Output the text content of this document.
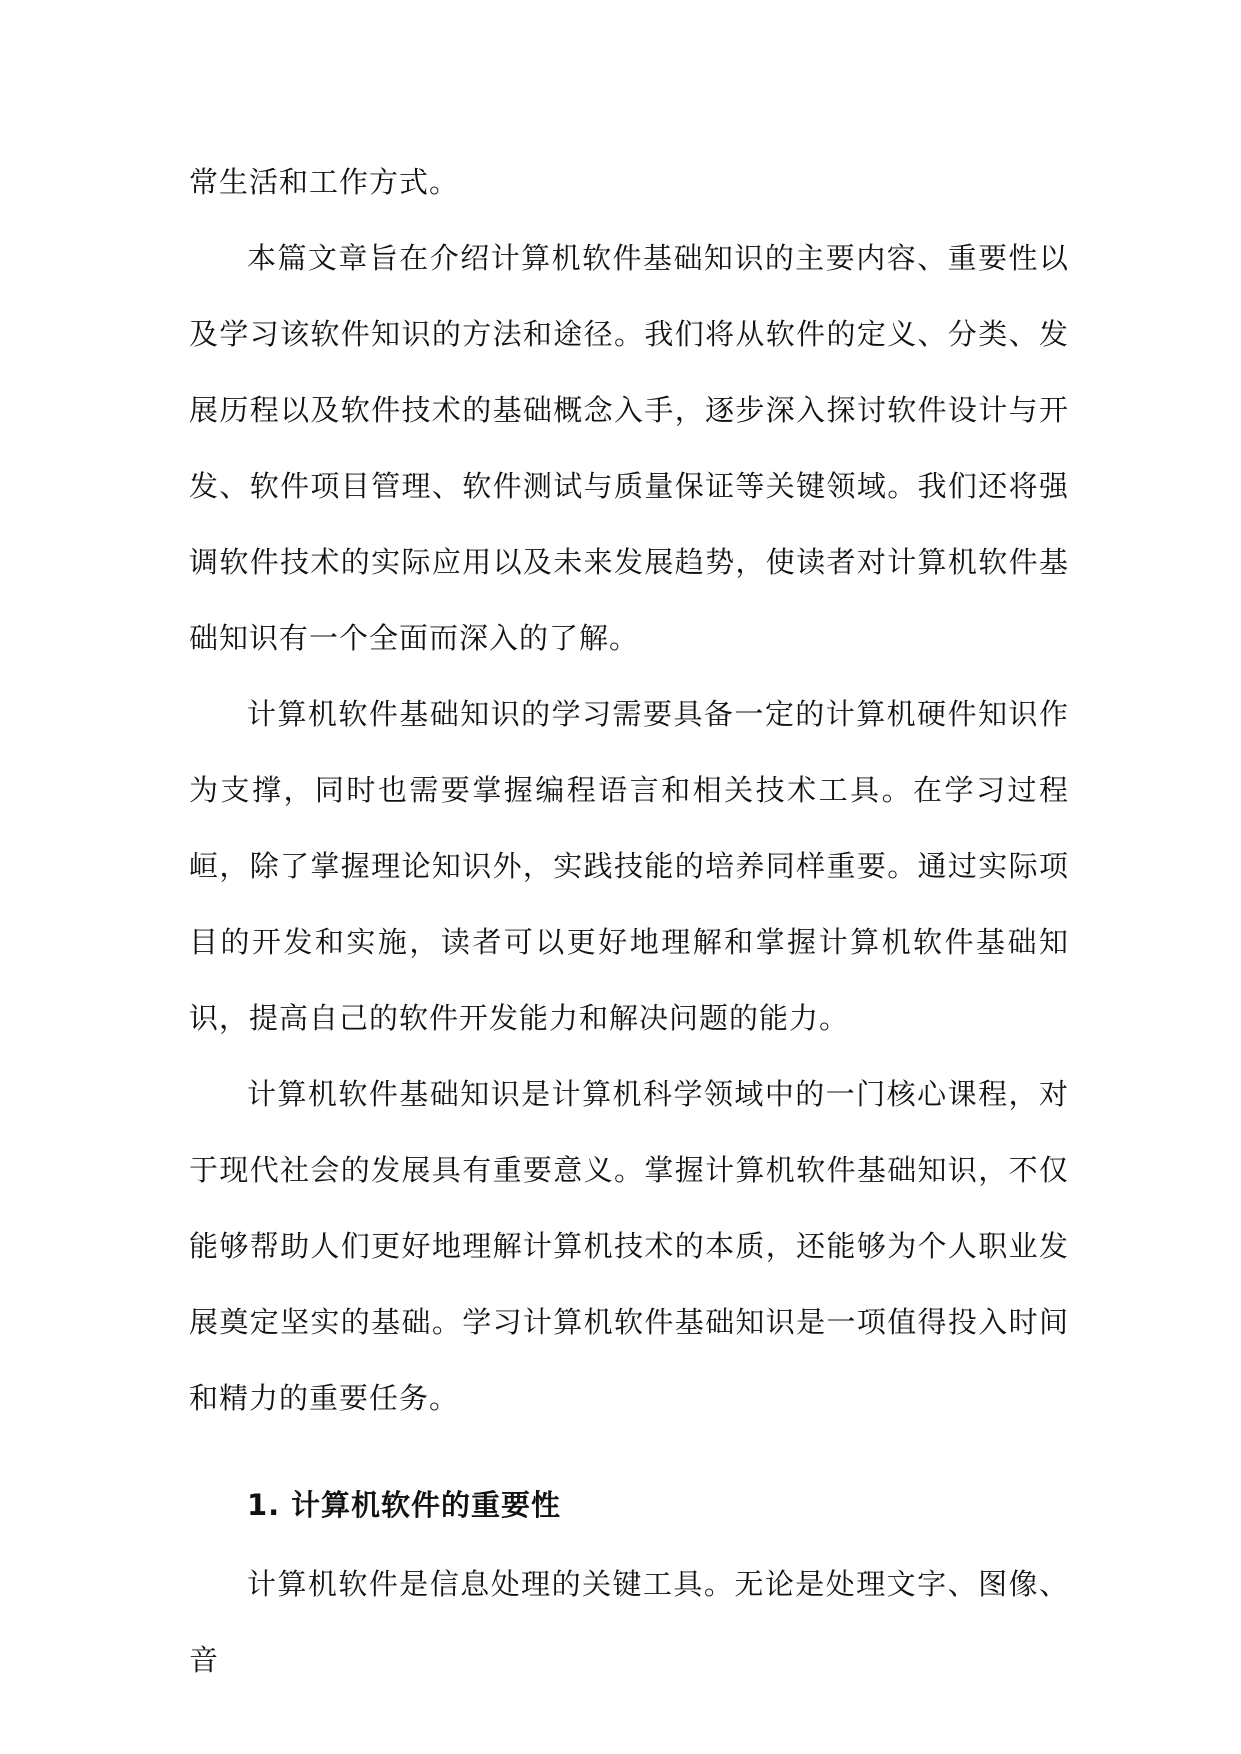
常生活和工作方式。

本篇文章旨在介绍计算机软件基础知识的主要内容、重要性以及学习该软件知识的方法和途径。我们将从软件的定义、分类、发展历程以及软件技术的基础概念入手，逐步深入探讨软件设计与开发、软件项目管理、软件测试与质量保证等关键领域。我们还将强调软件技术的实际应用以及未来发展趋势，使读者对计算机软件基础知识有一个全面而深入的了解。

计算机软件基础知识的学习需要具备一定的计算机硬件知识作为支撑，同时也需要掌握编程语言和相关技术工具。在学习过程峘，除了掌握理论知识外，实践技能的培养同样重要。通过实际项目的开发和实施，读者可以更好地理解和掌握计算机软件基础知识，提高自己的软件开发能力和解决问题的能力。

计算机软件基础知识是计算机科学领域中的一门核心课程，对于现代社会的发展具有重要意义。掌握计算机软件基础知识，不仅能够帮助人们更好地理解计算机技术的本质，还能够为个人职业发展奠定坚实的基础。学习计算机软件基础知识是一项值得投入时间和精力的重要任务。

1. 计算机软件的重要性

计算机软件是信息处理的关键工具。无论是处理文字、图像、音
